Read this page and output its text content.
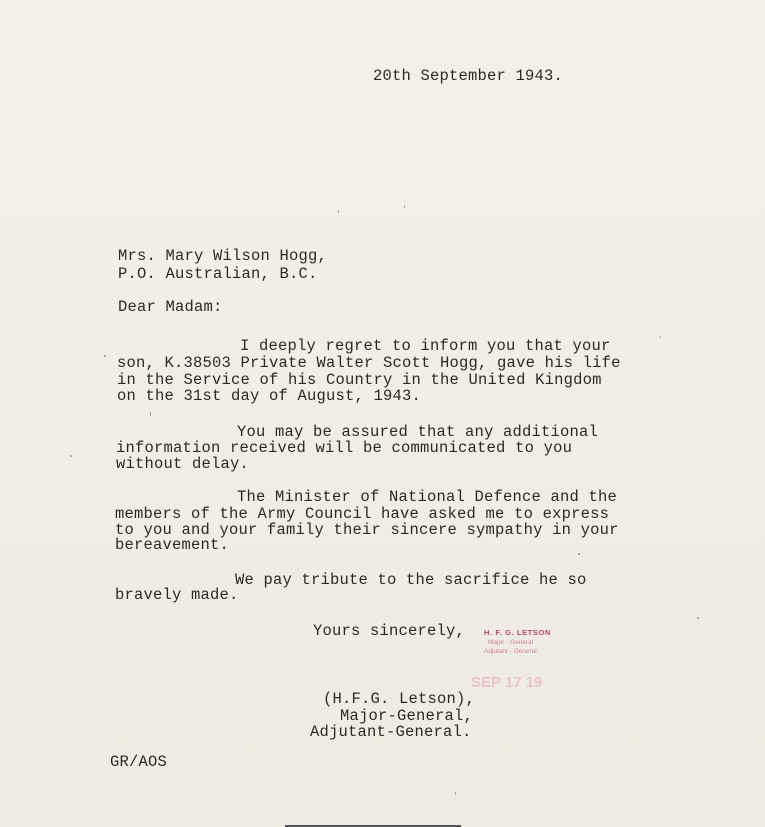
20th September 1943.
Mrs. Mary Wilson Hogg,
P.O. Australian, B.C.
Dear Madam:
I deeply regret to inform you that your
son, K.38503 Private Walter Scott Hogg, gave his life
in the Service of his Country in the United Kingdom
on the 31st day of August, 1943.
You may be assured that any additional
information received will be communicated to you
without delay.
The Minister of National Defence and the
members of the Army Council have asked me to express
to you and your family their sincere sympathy in your
bereavement.
We pay tribute to the sacrifice he so
bravely made.
Yours sincerely,	H. F. G. LETSON
Major - General
Adjutant - General
SEP 17 19
(H.F.G. Letson),
Major-General,
Adjutant-General.
GR/AOS
